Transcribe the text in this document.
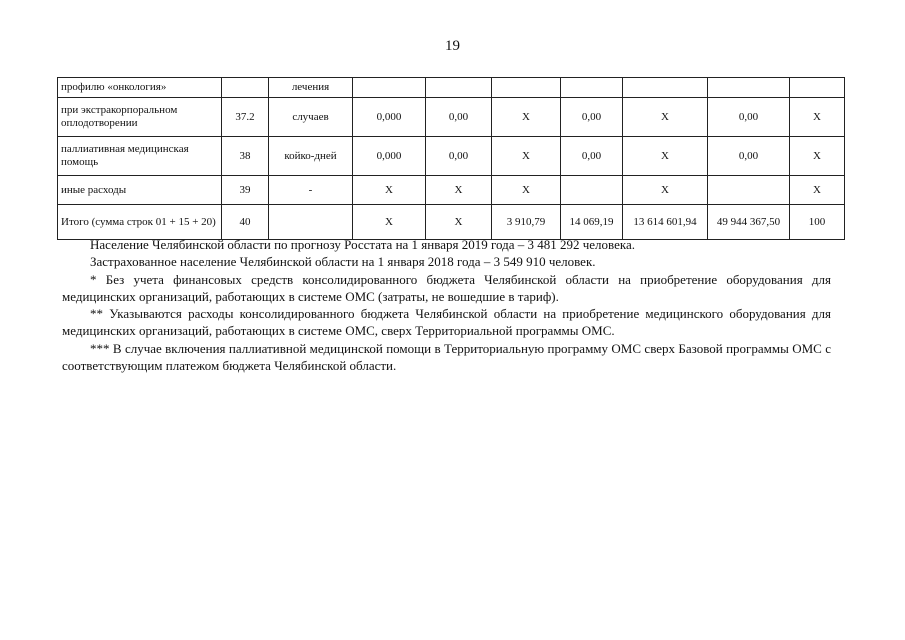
19
профилю «онкология»		лечения							
при экстракорпоральном оплодотворении	37.2	случаев	0,000	0,00	X	0,00	X	0,00	X
паллиативная медицинская помощь	38	койко-дней	0,000	0,00	X	0,00	X	0,00	X
иные расходы	39	-	X	X	X		X		X
Итого (сумма строк 01 + 15 + 20)	40		X	X	3 910,79	14 069,19	13 614 601,94	49 944 367,50	100

Население Челябинской области по прогнозу Росстата на 1 января 2019 года – 3 481 292 человека.

Застрахованное население Челябинской области на 1 января 2018 года – 3 549 910 человек.

* Без учета финансовых средств консолидированного бюджета Челябинской области на приобретение оборудования для медицинских организаций, работающих в системе ОМС (затраты, не вошедшие в тариф).

** Указываются расходы консолидированного бюджета Челябинской области на приобретение медицинского оборудования для медицинских организаций, работающих в системе ОМС, сверх Территориальной программы ОМС.

*** В случае включения паллиативной медицинской помощи в Территориальную программу ОМС сверх Базовой программы ОМС с соответствующим платежом бюджета Челябинской области.
